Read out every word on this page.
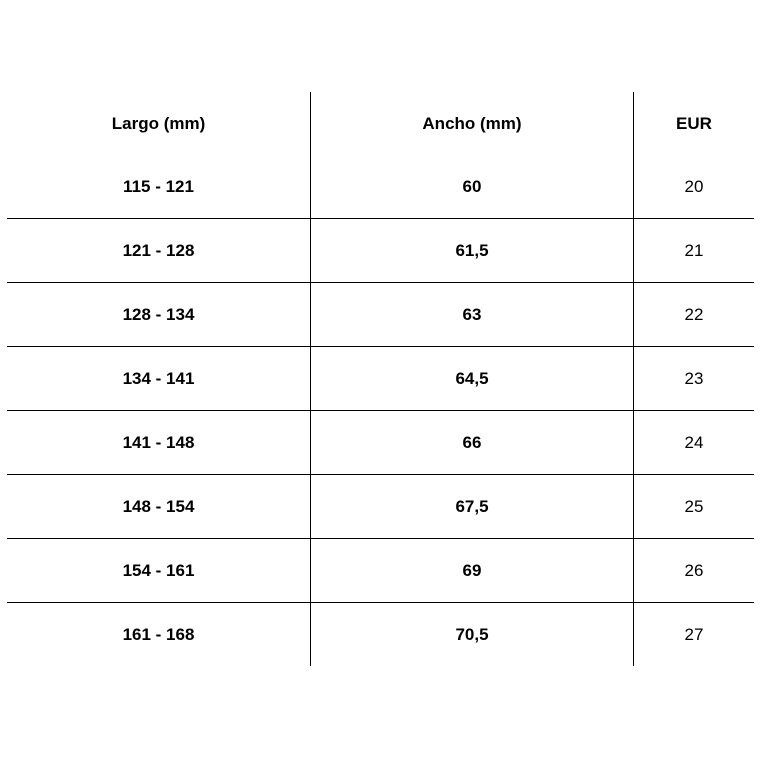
Largo (mm)	Ancho (mm)	EUR
115 - 121	60	20
121 - 128	61,5	21
128 - 134	63	22
134 - 141	64,5	23
141 - 148	66	24
148 - 154	67,5	25
154 - 161	69	26
161 - 168	70,5	27
